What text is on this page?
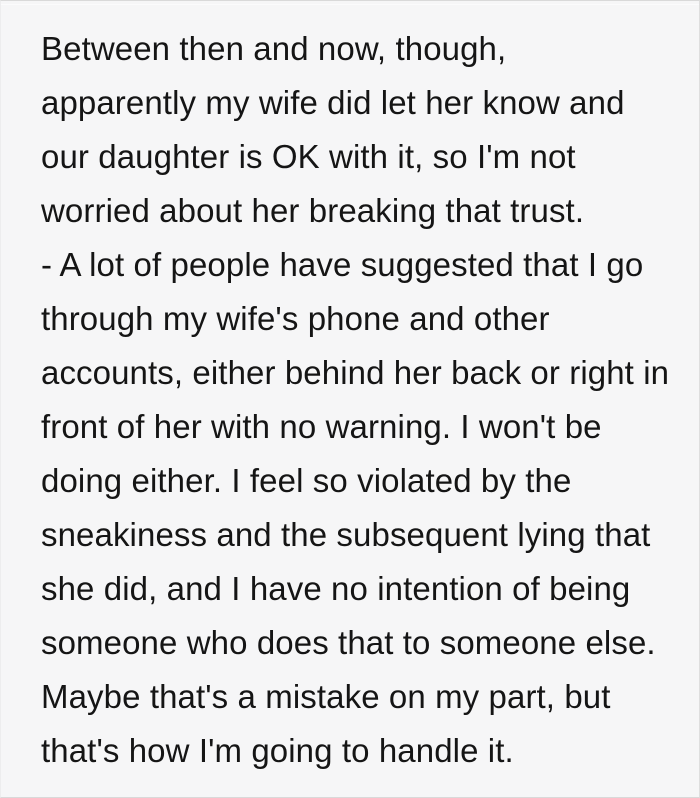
Between then and now, though,
apparently my wife did let her know and
our daughter is OK with it, so I'm not
worried about her breaking that trust.
- A lot of people have suggested that I go
through my wife's phone and other
accounts, either behind her back or right in
front of her with no warning. I won't be
doing either. I feel so violated by the
sneakiness and the subsequent lying that
she did, and I have no intention of being
someone who does that to someone else.
Maybe that's a mistake on my part, but
that's how I'm going to handle it.
